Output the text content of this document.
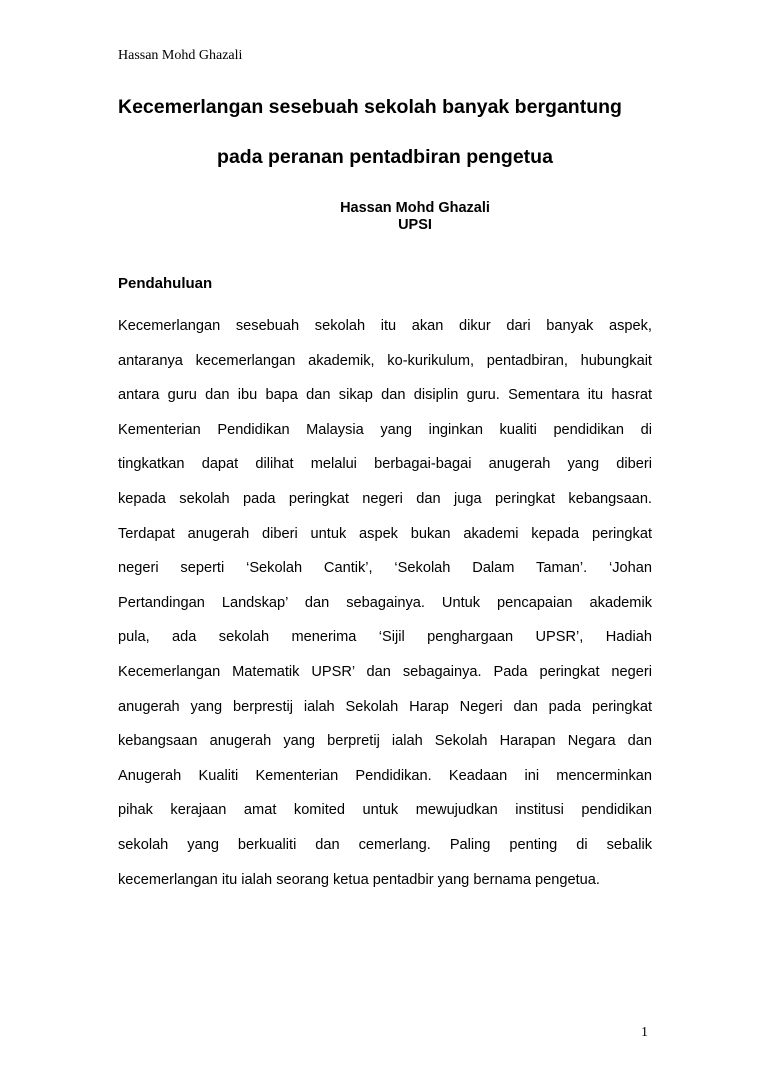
Hassan Mohd Ghazali
Kecemerlangan sesebuah sekolah banyak bergantung
pada peranan pentadbiran pengetua
Hassan Mohd Ghazali
UPSI
Pendahuluan
Kecemerlangan sesebuah sekolah itu akan dikur dari banyak aspek,
antaranya kecemerlangan akademik, ko-kurikulum, pentadbiran, hubungkait
antara guru dan ibu bapa dan sikap dan disiplin guru. Sementara itu hasrat
Kementerian Pendidikan Malaysia yang inginkan kualiti pendidikan di
tingkatkan dapat dilihat melalui berbagai-bagai anugerah yang diberi
kepada sekolah pada peringkat negeri dan juga peringkat kebangsaan.
Terdapat anugerah diberi untuk aspek bukan akademi kepada peringkat
negeri seperti ‘Sekolah Cantik’, ‘Sekolah Dalam Taman’. ‘Johan
Pertandingan Landskap’ dan sebagainya. Untuk pencapaian akademik
pula, ada sekolah menerima ‘Sijil penghargaan UPSR’, Hadiah
Kecemerlangan Matematik UPSR’ dan sebagainya. Pada peringkat negeri
anugerah yang berprestij ialah Sekolah Harap Negeri dan pada peringkat
kebangsaan anugerah yang berpretij ialah Sekolah Harapan Negara dan
Anugerah Kualiti Kementerian Pendidikan. Keadaan ini mencerminkan
pihak kerajaan amat komited untuk mewujudkan institusi pendidikan
sekolah yang berkualiti dan cemerlang. Paling penting di sebalik
kecemerlangan itu ialah seorang ketua pentadbir yang bernama pengetua.
1
